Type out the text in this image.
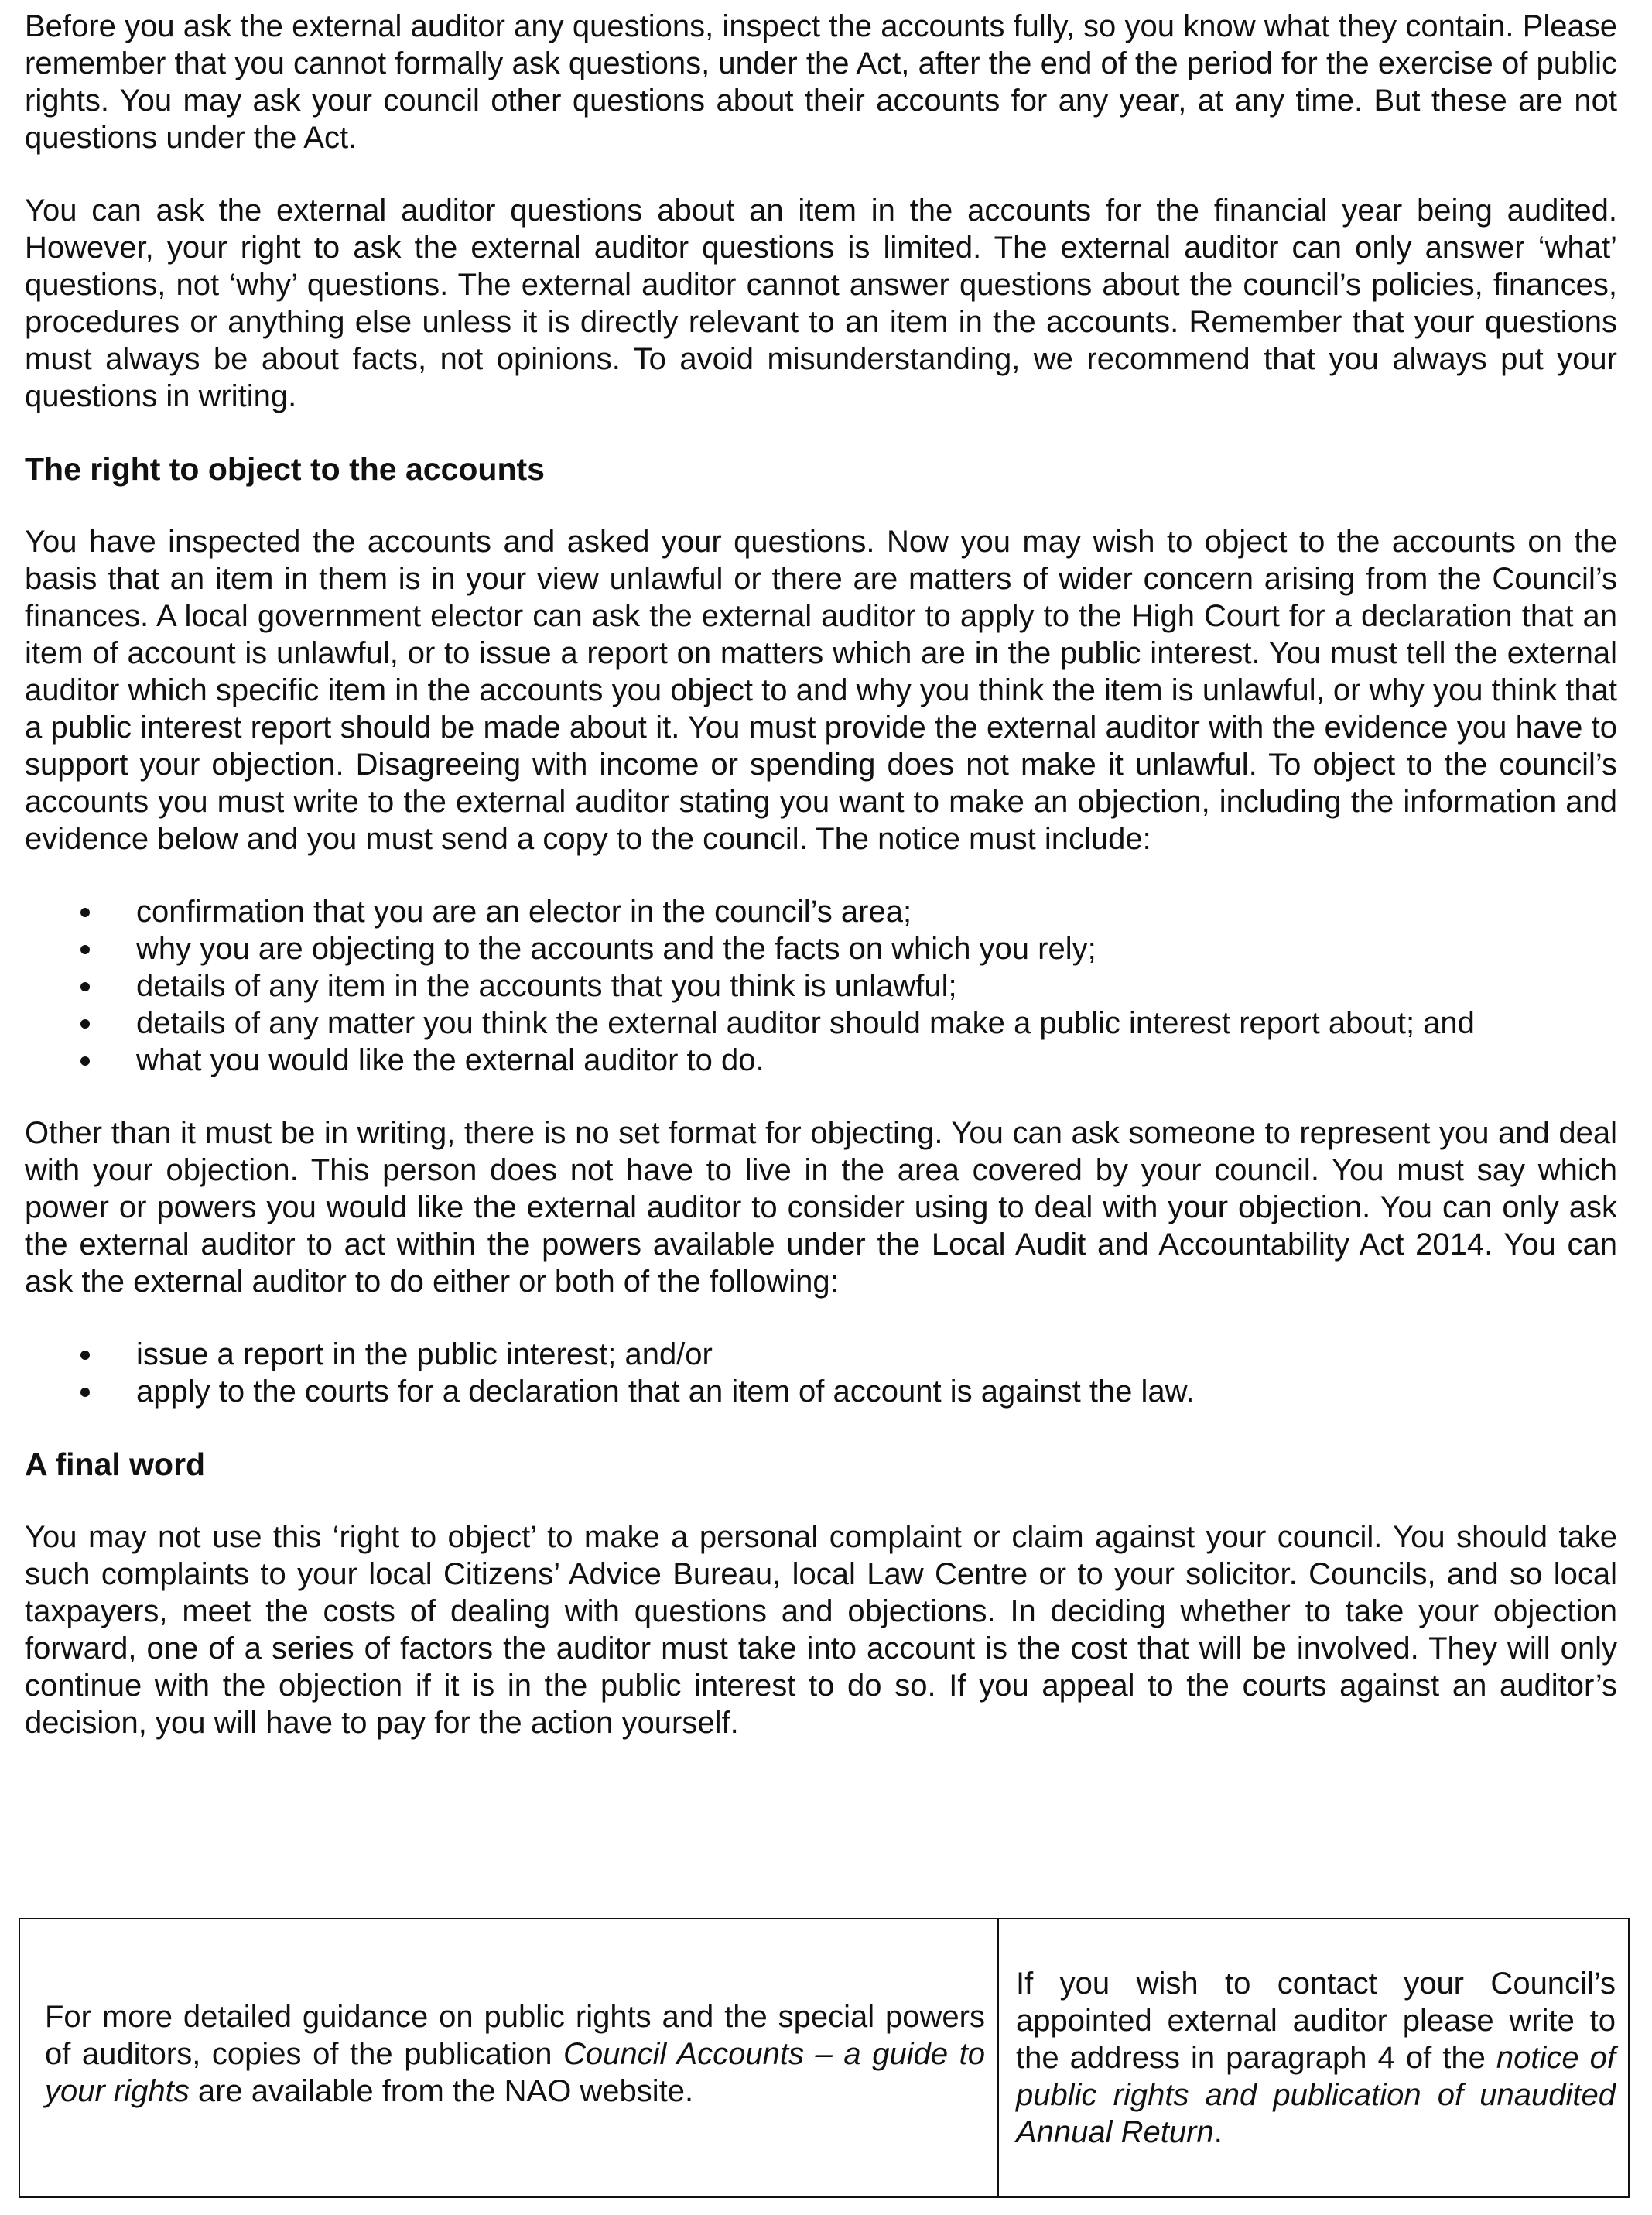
Before you ask the external auditor any questions, inspect the accounts fully, so you know what they contain. Please remember that you cannot formally ask questions, under the Act, after the end of the period for the exercise of public rights. You may ask your council other questions about their accounts for any year, at any time. But these are not questions under the Act.

You can ask the external auditor questions about an item in the accounts for the financial year being audited. However, your right to ask the external auditor questions is limited. The external auditor can only answer ‘what’ questions, not ‘why’ questions. The external auditor cannot answer questions about the council’s policies, finances, procedures or anything else unless it is directly relevant to an item in the accounts. Remember that your questions must always be about facts, not opinions. To avoid misunderstanding, we recommend that you always put your questions in writing.

The right to object to the accounts

You have inspected the accounts and asked your questions. Now you may wish to object to the accounts on the basis that an item in them is in your view unlawful or there are matters of wider concern arising from the Council’s finances. A local government elector can ask the external auditor to apply to the High Court for a declaration that an item of account is unlawful, or to issue a report on matters which are in the public interest. You must tell the external auditor which specific item in the accounts you object to and why you think the item is unlawful, or why you think that a public interest report should be made about it. You must provide the external auditor with the evidence you have to support your objection. Disagreeing with income or spending does not make it unlawful. To object to the council’s accounts you must write to the external auditor stating you want to make an objection, including the information and evidence below and you must send a copy to the council. The notice must include:

confirmation that you are an elector in the council’s area;
why you are objecting to the accounts and the facts on which you rely;
details of any item in the accounts that you think is unlawful;
details of any matter you think the external auditor should make a public interest report about; and
what you would like the external auditor to do.

Other than it must be in writing, there is no set format for objecting. You can ask someone to represent you and deal with your objection. This person does not have to live in the area covered by your council. You must say which power or powers you would like the external auditor to consider using to deal with your objection. You can only ask the external auditor to act within the powers available under the Local Audit and Accountability Act 2014. You can ask the external auditor to do either or both of the following:

issue a report in the public interest; and/or
apply to the courts for a declaration that an item of account is against the law.
A final word

You may not use this ‘right to object’ to make a personal complaint or claim against your council. You should take such complaints to your local Citizens’ Advice Bureau, local Law Centre or to your solicitor. Councils, and so local taxpayers, meet the costs of dealing with questions and objections. In deciding whether to take your objection forward, one of a series of factors the auditor must take into account is the cost that will be involved. They will only continue with the objection if it is in the public interest to do so. If you appeal to the courts against an auditor’s decision, you will have to pay for the action yourself.

For more detailed guidance on public rights and the special powers of auditors, copies of the publication Council Accounts – a guide to your rights are available from the NAO website.

If you wish to contact your Council’s appointed external auditor please write to the address in paragraph 4 of the notice of public rights and publication of unaudited Annual Return.
